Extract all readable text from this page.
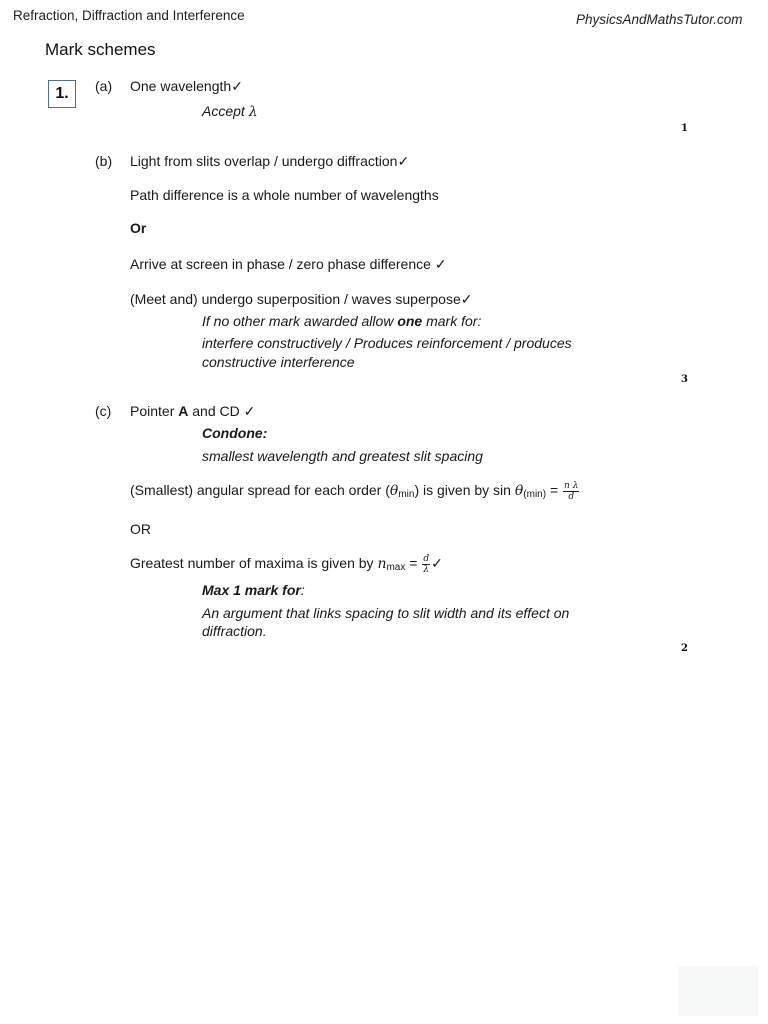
Refraction, Diffraction and Interference	PhysicsAndMathsTutor.com
Mark schemes
1.	(a) One wavelength✓
Accept λ
1
(b) Light from slits overlap / undergo diffraction✓
Path difference is a whole number of wavelengths
Or
Arrive at screen in phase / zero phase difference ✓
(Meet and) undergo superposition / waves superpose✓
If no other mark awarded allow one mark for:
interfere constructively / Produces reinforcement / produces
constructive interference
3
(c) Pointer A and CD ✓
Condone:
smallest wavelength and greatest slit spacing
(Smallest) angular spread for each order $(\theta_{min})$ is given by $\sin \theta_{(min)} = \frac{\text{n λ}}{d}$
OR
Greatest number of maxima is given by $n_{max} = \frac{d}{\lambda}$ ✓
Max 1 mark for:
An argument that links spacing to slit width and its effect on
diffraction.
2
